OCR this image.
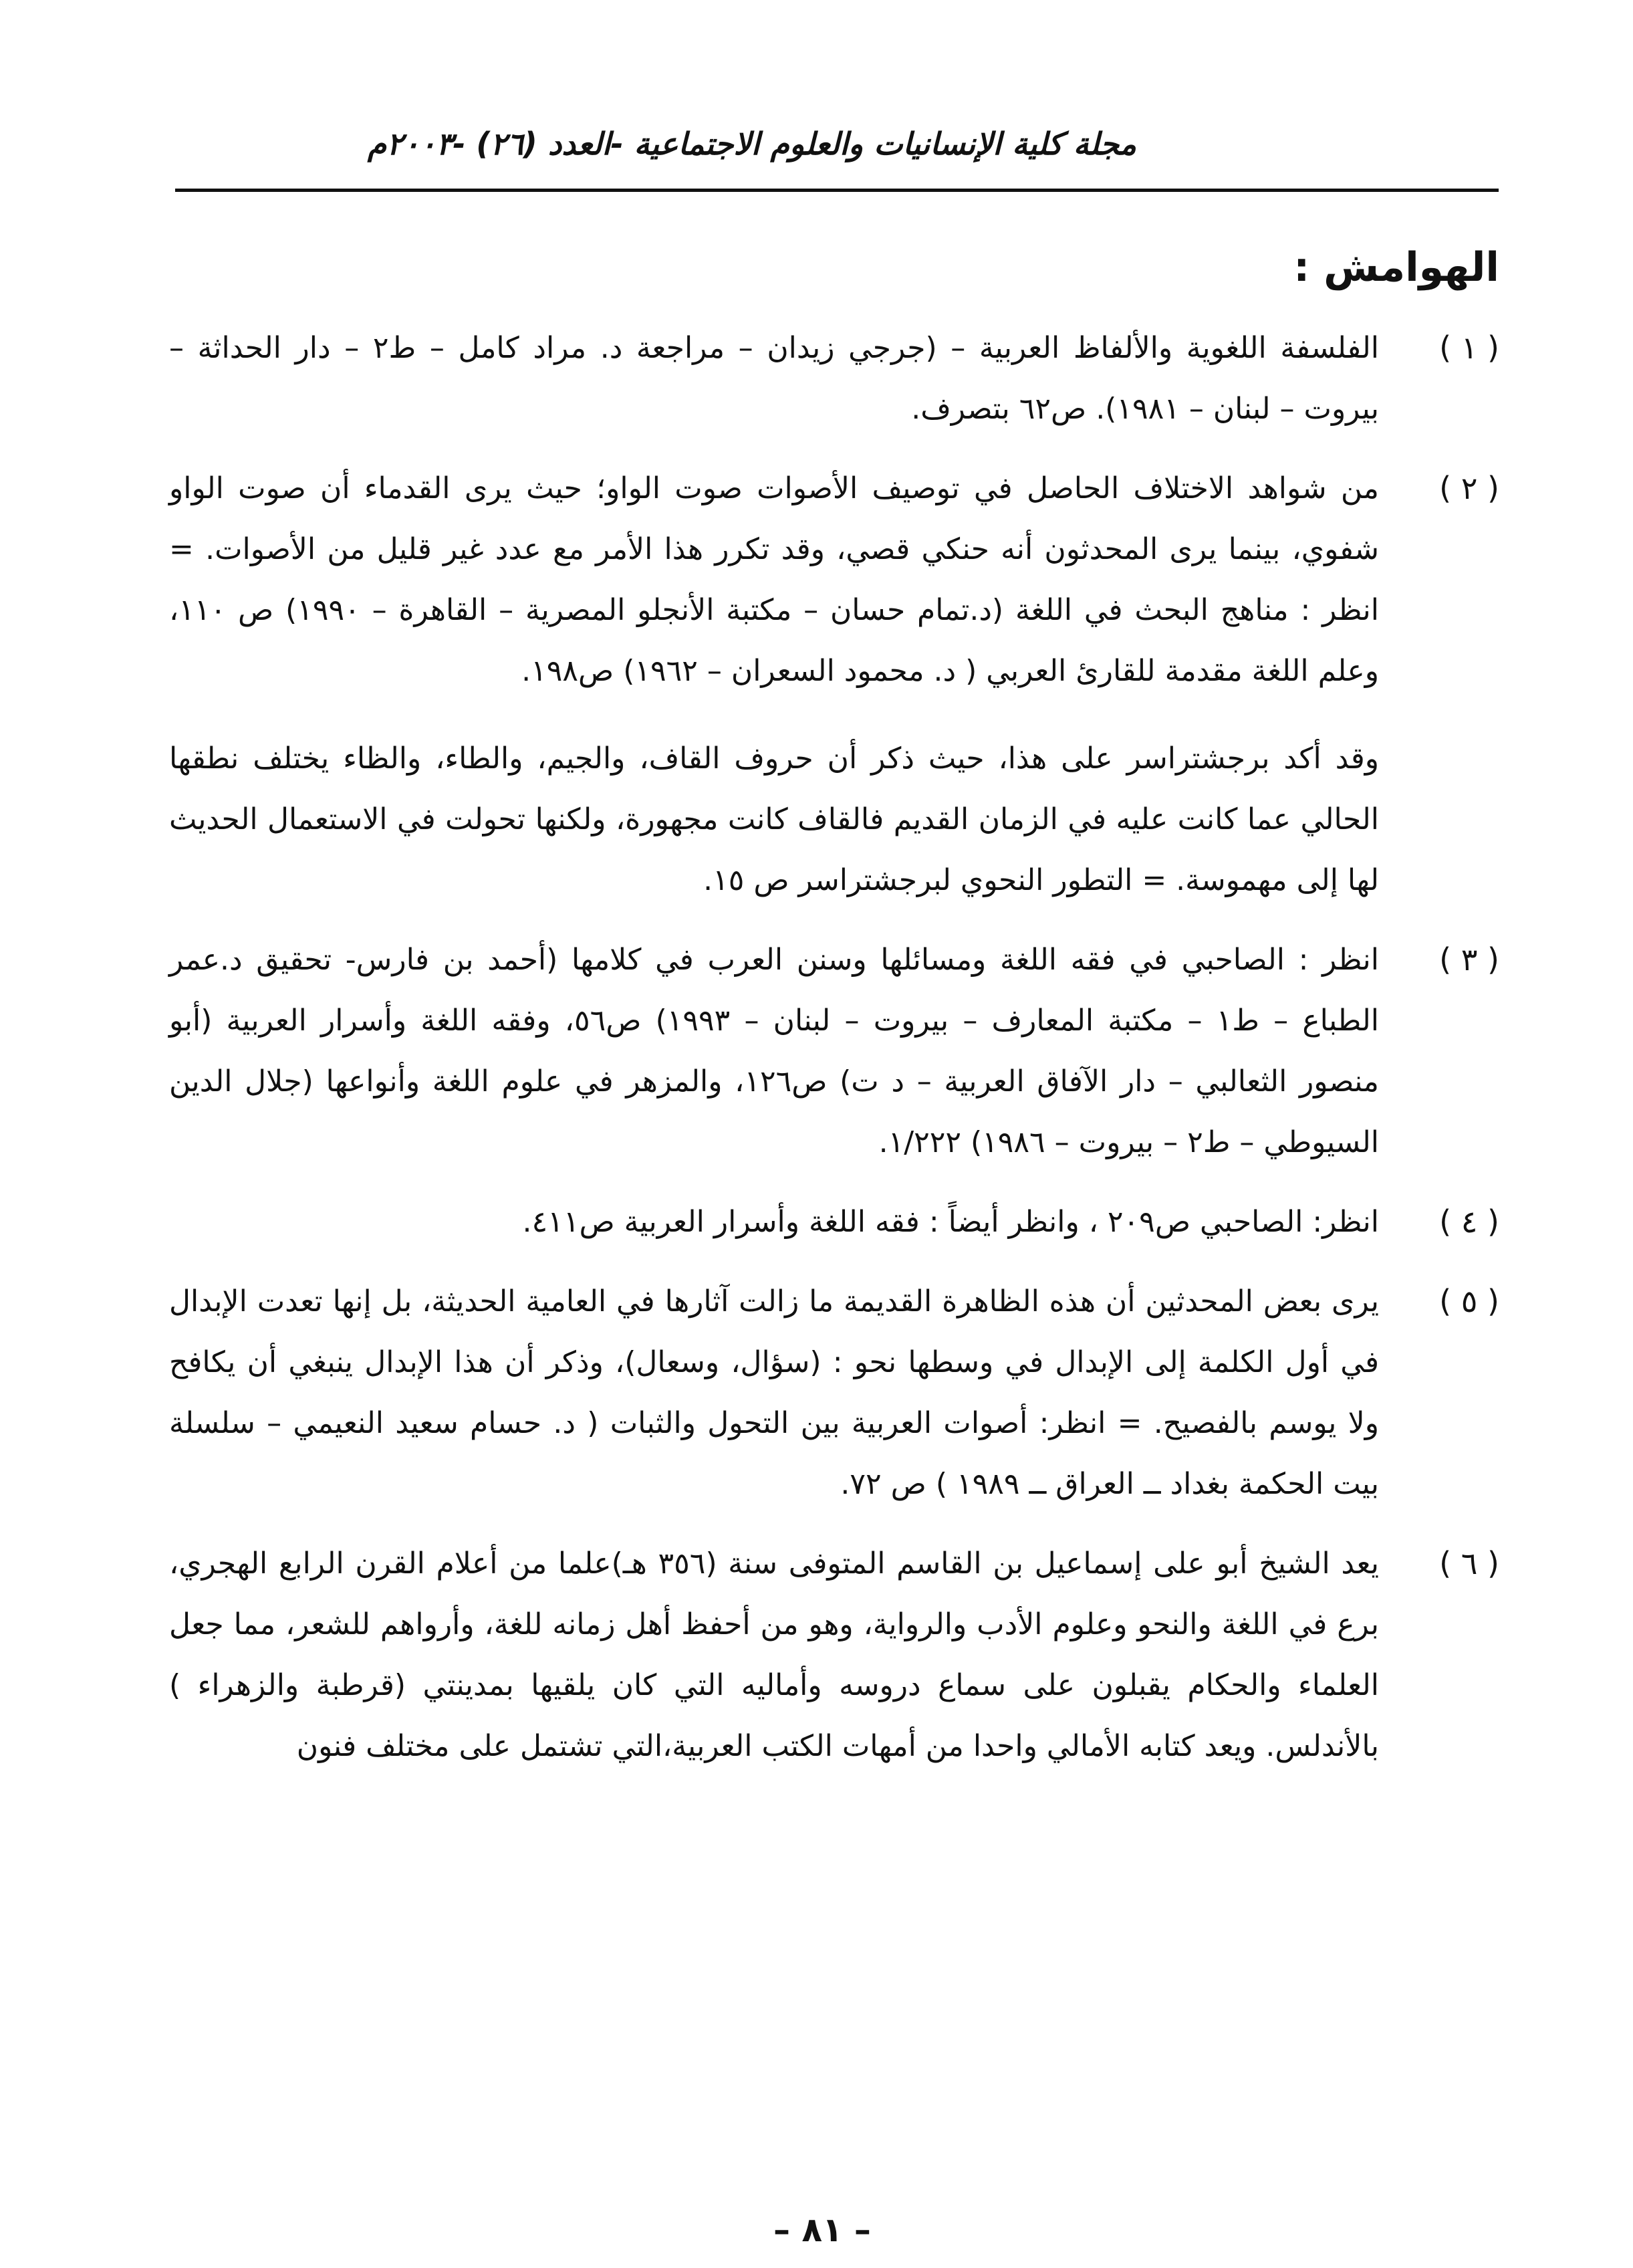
مجلة كلية الإنسانيات والعلوم الاجتماعية -العدد (٢٦) -٢٠٠٣م
الهوامش :
( ١ )

الفلسفة اللغوية والألفاظ العربية – (جرجي زيدان – مراجعة د. مراد كامل – ط٢ – دار الحداثة – بيروت – لبنان – ١٩٨١). ص٦٢ بتصرف.

( ٢ )

من شواهد الاختلاف الحاصل في توصيف الأصوات صوت الواو؛ حيث يرى القدماء أن صوت الواو شفوي، بينما يرى المحدثون أنه حنكي قصي، وقد تكرر هذا الأمر مع عدد غير قليل من الأصوات. = انظر : مناهج البحث في اللغة (د.تمام حسان – مكتبة الأنجلو المصرية – القاهرة – ١٩٩٠) ص ١١٠، وعلم اللغة مقدمة للقارئ العربي ( د. محمود السعران – ١٩٦٢) ص١٩٨.

وقد أكد برجشتراسر على هذا، حيث ذكر أن حروف القاف، والجيم، والطاء، والظاء يختلف نطقها الحالي عما كانت عليه في الزمان القديم فالقاف كانت مجهورة، ولكنها تحولت في الاستعمال الحديث لها إلى مهموسة. = التطور النحوي لبرجشتراسر ص ١٥.

( ٣ )

انظر : الصاحبي في فقه اللغة ومسائلها وسنن العرب في كلامها (أحمد بن فارس- تحقيق د.عمر الطباع – ط١ – مكتبة المعارف – بيروت – لبنان – ١٩٩٣) ص٥٦، وفقه اللغة وأسرار العربية (أبو منصور الثعالبي – دار الآفاق العربية – د ت) ص١٢٦، والمزهر في علوم اللغة وأنواعها (جلال الدين السيوطي – ط٢ – بيروت – ١٩٨٦) ١/٢٢٢.

( ٤ )

انظر: الصاحبي ص٢٠٩ ، وانظر أيضاً : فقه اللغة وأسرار العربية ص٤١١.

( ٥ )

يرى بعض المحدثين أن هذه الظاهرة القديمة ما زالت آثارها في العامية الحديثة، بل إنها تعدت الإبدال في أول الكلمة إلى الإبدال في وسطها نحو : (سؤال، وسعال)، وذكر أن هذا الإبدال ينبغي أن يكافح ولا يوسم بالفصيح. = انظر: أصوات العربية بين التحول والثبات ( د. حسام سعيد النعيمي – سلسلة بيت الحكمة بغداد ــ العراق ــ ١٩٨٩ ) ص ٧٢.

( ٦ )

يعد الشيخ أبو على إسماعيل بن القاسم المتوفى سنة (٣٥٦ هـ)علما من أعلام القرن الرابع الهجري، برع في اللغة والنحو وعلوم الأدب والرواية، وهو من أحفظ أهل زمانه للغة، وأرواهم للشعر، مما جعل العلماء والحكام يقبلون على سماع دروسه وأماليه التي كان يلقيها بمدينتي (قرطبة والزهراء ) بالأندلس. ويعد كتابه الأمالي واحدا من أمهات الكتب العربية،التي تشتمل على مختلف فنون

– ٨١ –
